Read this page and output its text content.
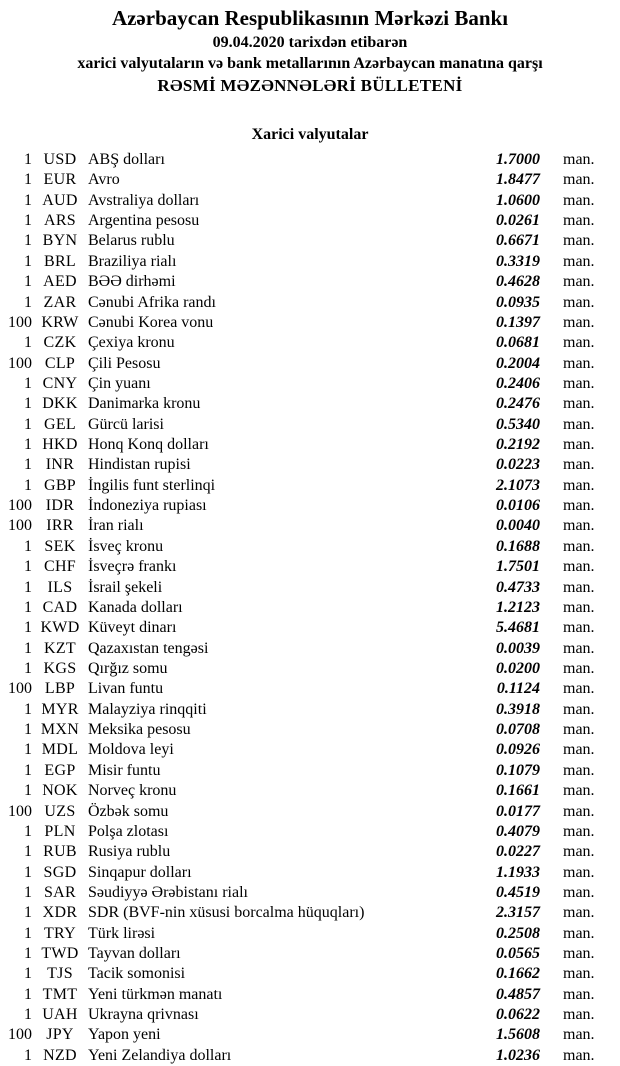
Azərbaycan Respublikasının Mərkəzi Bankı
09.04.2020 tarixdən etibarən
xarici valyutaların və bank metallarının Azərbaycan manatına qarşı
RƏSMİ MƏZƏNNƏLƏRİ BÜLLETENİ
Xarici valyutalar
1 USD ABŞ dolları	1.7000	man.
1 EUR Avro	1.8477	man.
1 AUD Avstraliya dolları	1.0600	man.
1 ARS Argentina pesosu	0.0261	man.
1 BYN Belarus rublu	0.6671	man.
1 BRL Braziliya rialı	0.3319	man.
1 AED BƏƏ dirhəmi	0.4628	man.
1 ZAR Cənubi Afrika randı	0.0935	man.
100 KRW Cənubi Korea vonu	0.1397	man.
1 CZK Çexiya kronu	0.0681	man.
100 CLP Çili Pesosu	0.2004	man.
1 CNY Çin yuanı	0.2406	man.
1 DKK Danimarka kronu	0.2476	man.
1 GEL Gürcü larisi	0.5340	man.
1 HKD Honq Konq dolları	0.2192	man.
1 INR Hindistan rupisi	0.0223	man.
1 GBP İngilis funt sterlinqi	2.1073	man.
100 IDR İndoneziya rupiası	0.0106	man.
100 IRR İran rialı	0.0040	man.
1 SEK İsveç kronu	0.1688	man.
1 CHF İsveçrə frankı	1.7501	man.
1 ILS İsrail şekeli	0.4733	man.
1 CAD Kanada dolları	1.2123	man.
1 KWD Küveyt dinarı	5.4681	man.
1 KZT Qazaxıstan tengəsi	0.0039	man.
1 KGS Qırğız somu	0.0200	man.
100 LBP Livan funtu	0.1124	man.
1 MYR Malayziya rinqqiti	0.3918	man.
1 MXN Meksika pesosu	0.0708	man.
1 MDL Moldova leyi	0.0926	man.
1 EGP Misir funtu	0.1079	man.
1 NOK Norveç kronu	0.1661	man.
100 UZS Özbək somu	0.0177	man.
1 PLN Polşa zlotası	0.4079	man.
1 RUB Rusiya rublu	0.0227	man.
1 SGD Sinqapur dolları	1.1933	man.
1 SAR Səudiyyə Ərəbistanı rialı	0.4519	man.
1 XDR SDR (BVF-nin xüsusi borcalma hüquqları)	2.3157	man.
1 TRY Türk lirəsi	0.2508	man.
1 TWD Tayvan dolları	0.0565	man.
1 TJS Tacik somonisi	0.1662	man.
1 TMT Yeni türkmən manatı	0.4857	man.
1 UAH Ukrayna qrivnası	0.0622	man.
100 JPY Yapon yeni	1.5608	man.
1 NZD Yeni Zelandiya dolları	1.0236	man.
